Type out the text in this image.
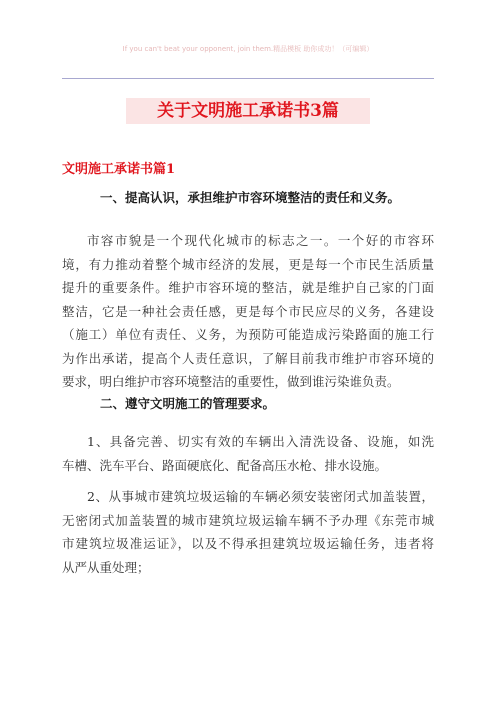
If you can't beat your opponent, join them.精品模板 助你成功！（可编辑）
关于文明施工承诺书3篇
文明施工承诺书篇1
一、提高认识，承担维护市容环境整洁的责任和义务。
市容市貌是一个现代化城市的标志之一。一个好的市容环
境，有力推动着整个城市经济的发展，更是每一个市民生活质量
提升的重要条件。维护市容环境的整洁，就是维护自己家的门面
整洁，它是一种社会责任感，更是每个市民应尽的义务，各建设
（施工）单位有责任、义务，为预防可能造成污染路面的施工行
为作出承诺，提高个人责任意识，了解目前我市维护市容环境的
要求，明白维护市容环境整洁的重要性，做到谁污染谁负责。
二、遵守文明施工的管理要求。
1、具备完善、切实有效的车辆出入清洗设备、设施，如洗
车槽、洗车平台、路面硬底化、配备高压水枪、排水设施。
2、从事城市建筑垃圾运输的车辆必须安装密闭式加盖装置，
无密闭式加盖装置的城市建筑垃圾运输车辆不予办理《东莞市城
市建筑垃圾准运证》，以及不得承担建筑垃圾运输任务，违者将
从严从重处理；
